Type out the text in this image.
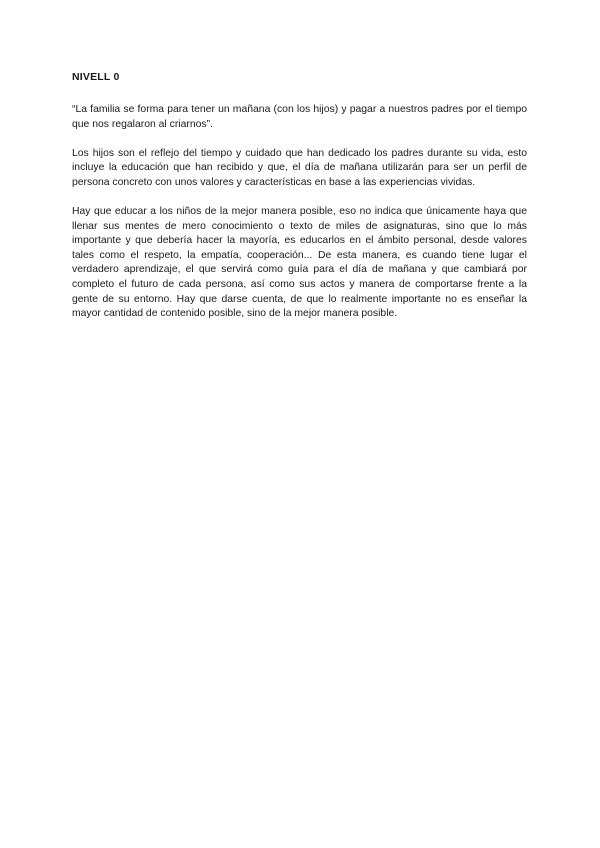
NIVELL 0

“La familia se forma para tener un mañana (con los hijos) y pagar a nuestros padres por el tiempo que nos regalaron al criarnos”.

Los hijos son el reflejo del tiempo y cuidado que han dedicado los padres durante su vida, esto incluye la educación que han recibido y que, el día de mañana utilizarán para ser un perfil de persona concreto con unos valores y características en base a las experiencias vividas.

Hay que educar a los niños de la mejor manera posible, eso no indica que únicamente haya que llenar sus mentes de mero conocimiento o texto de miles de asignaturas, sino que lo más importante y que debería hacer la mayoría, es educarlos en el ámbito personal, desde valores tales como el respeto, la empatía, cooperación... De esta manera, es cuando tiene lugar el verdadero aprendizaje, el que servirá como guía para el día de mañana y que cambiará por completo el futuro de cada persona, así como sus actos y manera de comportarse frente a la gente de su entorno. Hay que darse cuenta, de que lo realmente importante no es enseñar la mayor cantidad de contenido posible, sino de la mejor manera posible.
